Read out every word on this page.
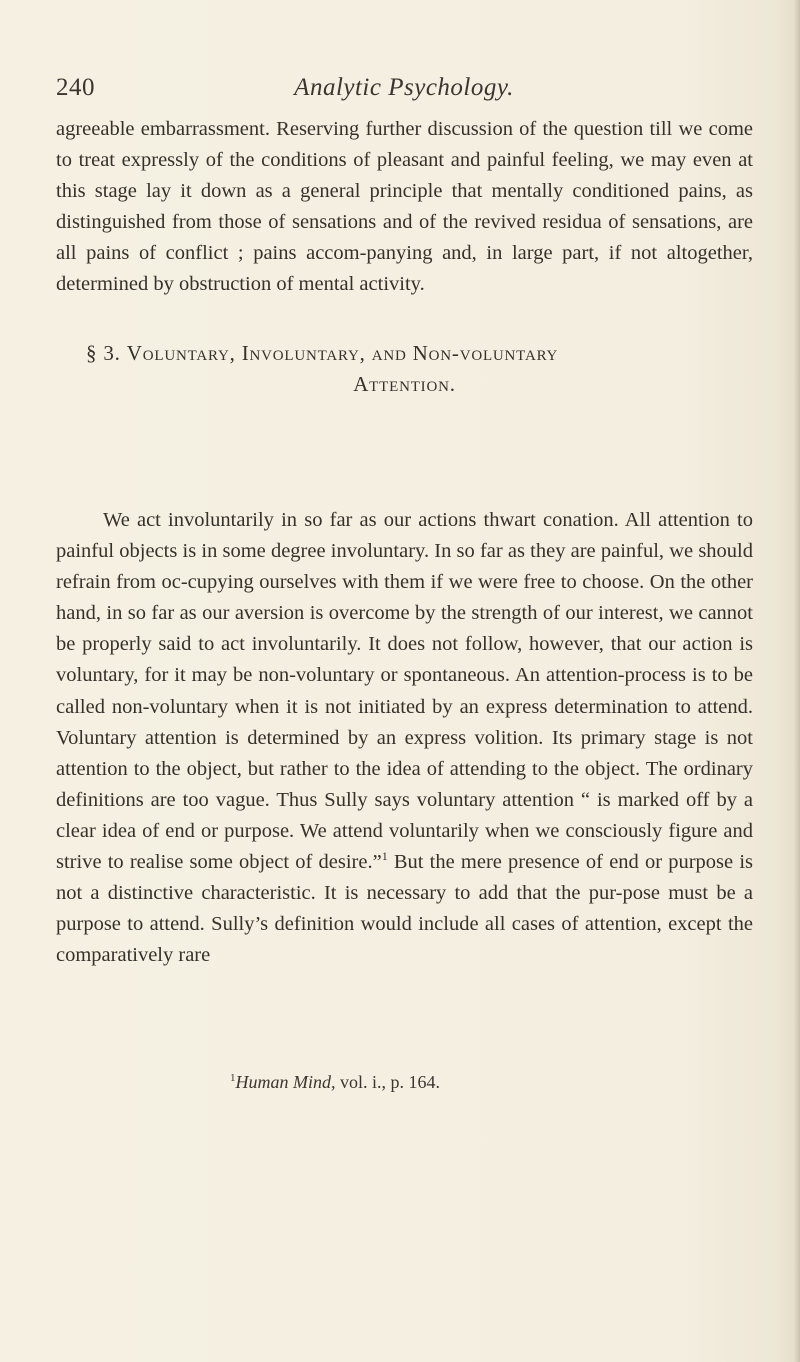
240	Analytic Psychology.
agreeable embarrassment. Reserving further discussion of the question till we come to treat expressly of the conditions of pleasant and painful feeling, we may even at this stage lay it down as a general principle that mentally conditioned pains, as distinguished from those of sensations and of the revived residua of sensations, are all pains of conflict ; pains accom-panying and, in large part, if not altogether, determined by obstruction of mental activity.
§ 3. Voluntary, Involuntary, and Non-voluntary
Attention.
We act involuntarily in so far as our actions thwart conation. All attention to painful objects is in some degree involuntary. In so far as they are painful, we should refrain from oc-cupying ourselves with them if we were free to choose. On the other hand, in so far as our aversion is overcome by the strength of our interest, we cannot be properly said to act involuntarily. It does not follow, however, that our action is voluntary, for it may be non-voluntary or spontaneous. An attention-process is to be called non-voluntary when it is not initiated by an express determination to attend. Voluntary attention is determined by an express volition. Its primary stage is not attention to the object, but rather to the idea of attending to the object. The ordinary definitions are too vague. Thus Sully says voluntary attention “ is marked off by a clear idea of end or purpose. We attend voluntarily when we consciously figure and strive to realise some object of desire.”$^1$ But the mere presence of end or purpose is not a distinctive characteristic. It is necessary to add that the pur-pose must be a purpose to attend. Sully’s definition would include all cases of attention, except the comparatively rare
$^1$Human Mind, vol. i., p. 164.
